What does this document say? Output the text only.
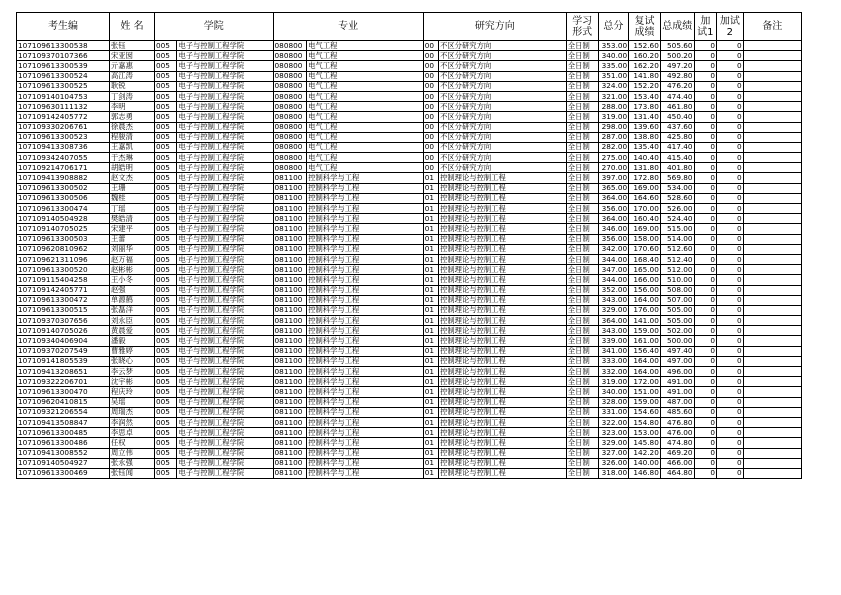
考生编	姓 名	学院		专业		研究方向		学习形式	总分	复试成绩	总成绩	加试1	加试2	备注
107109613300538	张钰	005	电子与控制工程学院	080800	电气工程	00	不区分研究方向	全日制	353.00	152.60	505.60	0	0	
107109370107366	宋亚囡	005	电子与控制工程学院	080800	电气工程	00	不区分研究方向	全日制	340.00	160.20	500.20	0	0	
107109613300539	亓嘉惠	005	电子与控制工程学院	080800	电气工程	00	不区分研究方向	全日制	335.00	162.20	497.20	0	0	
107109613300524	高江涛	005	电子与控制工程学院	080800	电气工程	00	不区分研究方向	全日制	351.00	141.80	492.80	0	0	
107109613300525	耿锐	005	电子与控制工程学院	080800	电气工程	00	不区分研究方向	全日制	324.00	152.20	476.20	0	0	
107109140104753	丁剑涛	005	电子与控制工程学院	080800	电气工程	00	不区分研究方向	全日制	321.00	153.40	474.40	0	0	
107109630111132	李明	005	电子与控制工程学院	080800	电气工程	00	不区分研究方向	全日制	288.00	173.80	461.80	0	0	
107109142405772	郭志勇	005	电子与控制工程学院	080800	电气工程	00	不区分研究方向	全日制	319.00	131.40	450.40	0	0	
107109330206761	徐晨杰	005	电子与控制工程学院	080800	电气工程	00	不区分研究方向	全日制	298.00	139.60	437.60	0	0	
107109613300523	程骏清	005	电子与控制工程学院	080800	电气工程	00	不区分研究方向	全日制	287.00	138.80	425.80	0	0	
107109413308736	王嘉凯	005	电子与控制工程学院	080800	电气工程	00	不区分研究方向	全日制	282.00	135.40	417.40	0	0	
107109342407055	于杰琳	005	电子与控制工程学院	080800	电气工程	00	不区分研究方向	全日制	275.00	140.40	415.40	0	0	
107109214706171	胡皓明	005	电子与控制工程学院	080800	电气工程	00	不区分研究方向	全日制	270.00	131.80	401.80	0	0	
107109413908882	赵文杰	005	电子与控制工程学院	081100	控制科学与工程	01	控制理论与控制工程	全日制	397.00	172.80	569.80	0	0	
107109613300502	王珊	005	电子与控制工程学院	081100	控制科学与工程	01	控制理论与控制工程	全日制	365.00	169.00	534.00	0	0	
107109613300506	魏桂	005	电子与控制工程学院	081100	控制科学与工程	01	控制理论与控制工程	全日制	364.00	164.60	528.60	0	0	
107109613300474	丁瑶	005	电子与控制工程学院	081100	控制科学与工程	01	控制理论与控制工程	全日制	356.00	170.00	526.00	0	0	
107109140504928	樊皓清	005	电子与控制工程学院	081100	控制科学与工程	01	控制理论与控制工程	全日制	364.00	160.40	524.40	0	0	
107109140705025	宋建平	005	电子与控制工程学院	081100	控制科学与工程	01	控制理论与控制工程	全日制	346.00	169.00	515.00	0	0	
107109613300503	王蕾	005	电子与控制工程学院	081100	控制科学与工程	01	控制理论与控制工程	全日制	356.00	158.00	514.00	0	0	
107109620810962	刘丽华	005	电子与控制工程学院	081100	控制科学与工程	01	控制理论与控制工程	全日制	342.00	170.60	512.60	0	0	
107109621311096	赵万福	005	电子与控制工程学院	081100	控制科学与工程	01	控制理论与控制工程	全日制	344.00	168.40	512.40	0	0	
107109613300520	赵彬彬	005	电子与控制工程学院	081100	控制科学与工程	01	控制理论与控制工程	全日制	347.00	165.00	512.00	0	0	
107109115404258	王小冬	005	电子与控制工程学院	081100	控制科学与工程	01	控制理论与控制工程	全日制	344.00	166.00	510.00	0	0	
107109142405771	赵强	005	电子与控制工程学院	081100	控制科学与工程	01	控制理论与控制工程	全日制	352.00	156.00	508.00	0	0	
107109613300472	单源鹤	005	电子与控制工程学院	081100	控制科学与工程	01	控制理论与控制工程	全日制	343.00	164.00	507.00	0	0	
107109613300515	张磊洋	005	电子与控制工程学院	081100	控制科学与工程	01	控制理论与控制工程	全日制	329.00	176.00	505.00	0	0	
107109370307656	刘永臣	005	电子与控制工程学院	081100	控制科学与工程	01	控制理论与控制工程	全日制	364.00	141.00	505.00	0	0	
107109140705026	黄晨爱	005	电子与控制工程学院	081100	控制科学与工程	01	控制理论与控制工程	全日制	343.00	159.00	502.00	0	0	
107109340406904	潘毅	005	电子与控制工程学院	081100	控制科学与工程	01	控制理论与控制工程	全日制	339.00	161.00	500.00	0	0	
107109370207549	曹雅婷	005	电子与控制工程学院	081100	控制科学与工程	01	控制理论与控制工程	全日制	341.00	156.40	497.40	0	0	
107109141805539	张晓心	005	电子与控制工程学院	081100	控制科学与工程	01	控制理论与控制工程	全日制	333.00	164.00	497.00	0	0	
107109413208651	李云梦	005	电子与控制工程学院	081100	控制科学与工程	01	控制理论与控制工程	全日制	332.00	164.00	496.00	0	0	
107109322206701	沈宇彬	005	电子与控制工程学院	081100	控制科学与工程	01	控制理论与控制工程	全日制	319.00	172.00	491.00	0	0	
107109613300470	程庆玲	005	电子与控制工程学院	081100	控制科学与工程	01	控制理论与控制工程	全日制	340.00	151.00	491.00	0	0	
107109620410815	吴瑶	005	电子与控制工程学院	081100	控制科学与工程	01	控制理论与控制工程	全日制	328.00	159.00	487.00	0	0	
107109321206554	周瑞杰	005	电子与控制工程学院	081100	控制科学与工程	01	控制理论与控制工程	全日制	331.00	154.60	485.60	0	0	
107109413508847	李润然	005	电子与控制工程学院	081100	控制科学与工程	01	控制理论与控制工程	全日制	322.00	154.80	476.80	0	0	
107109613300485	李思卓	005	电子与控制工程学院	081100	控制科学与工程	01	控制理论与控制工程	全日制	323.00	153.00	476.00	0	0	
107109613300486	任权	005	电子与控制工程学院	081100	控制科学与工程	01	控制理论与控制工程	全日制	329.00	145.80	474.80	0	0	
107109413008552	周立伟	005	电子与控制工程学院	081100	控制科学与工程	01	控制理论与控制工程	全日制	327.00	142.20	469.20	0	0	
107109140504927	张永强	005	电子与控制工程学院	081100	控制科学与工程	01	控制理论与控制工程	全日制	326.00	140.00	466.00	0	0	
107109613300469	张钰闻	005	电子与控制工程学院	081100	控制科学与工程	01	控制理论与控制工程	全日制	318.00	146.80	464.80	0	0	
